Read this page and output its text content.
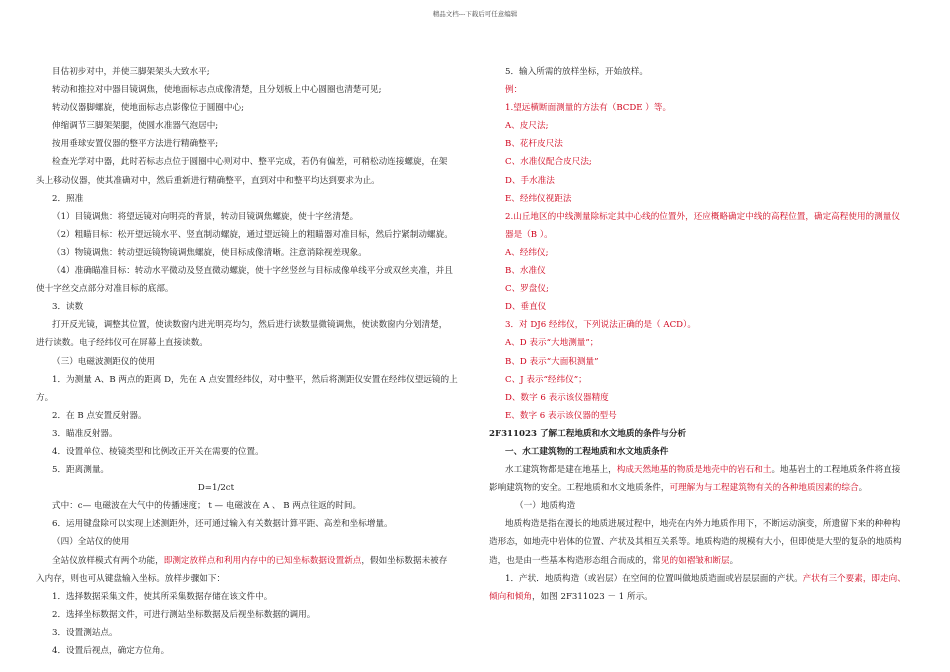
精品文档---下载后可任意编辑

目估初步对中，并使三脚架架头大致水平;

转动和推拉对中器目镜调焦，使地面标志点成像清楚，且分划板上中心圆圈也清楚可见;

转动仪器脚螺旋，使地面标志点影像位于圆圈中心;

伸缩调节三脚架架腿，使圆水准器气泡居中;

按用垂球安置仪器的整平方法进行精确整平;

检查光学对中器，此时若标志点位于圆圈中心则对中、整平完成，若仍有偏差，可稍松动连接螺旋，在架

头上移动仪器，使其准确对中，然后重新进行精确整平，直到对中和整平均达到要求为止。

2．照准

（1）目镜调焦：将望远镜对向明亮的背景，转动目镜调焦螺旋，使十字丝清楚。

（2）粗瞄目标：松开望远镜水平、竖直制动螺旋，通过望远镜上的粗瞄器对准目标，然后拧紧制动螺旋。

（3）物镜调焦：转动望远镜物镜调焦螺旋，使目标成像清晰。注意消除视差现象。

（4）准确瞄准目标：转动水平微动及竖直微动螺旋，使十字丝竖丝与目标成像单线平分或双丝夹准，并且

使十字丝交点部分对准目标的底部。

3．读数

打开反光镜，调整其位置，使读数窗内进光明亮均匀，然后进行读数显微镜调焦，使读数窗内分划清楚，

进行读数。电子经纬仪可在屏幕上直接读数。

（三）电磁波测距仪的使用

1．为测量 A、B 两点的距离 D，先在 A 点安置经纬仪，对中整平，然后将测距仪安置在经纬仪望远镜的上

方。

2．在 B 点安置反射器。

3．瞄准反射器。

4．设置单位、棱镜类型和比例改正开关在需要的位置。

5．距离测量。

D=1/2ct

式中：c— 电磁波在大气中的传播速度； t — 电磁波在 A 、 B 两点往返的时间。

6．运用键盘除可以实现上述测距外，还可通过输入有关数据计算平距、高差和坐标增量。

（四）全站仪的使用

全站仪放样模式有两个功能，即测定放样点和利用内存中的已知坐标数据设置新点，假如坐标数据未被存

入内存，则也可从键盘输入坐标。放样步骤如下：

1．选择数据采集文件，使其所采集数据存储在该文件中。

2．选择坐标数据文件，可进行测站坐标数据及后视坐标数据的调用。

3．设置测站点。

4．设置后视点，确定方位角。

5．输入所需的放样坐标，开始放样。

例：

1.望远横断面测量的方法有（BCDE ）等。

A、皮尺法;

B、花杆皮尺法

C、水准仪配合皮尺法;

D、手水准法

E、经纬仪视距法

2.山丘地区的中线测量除标定其中心线的位置外，还应概略确定中线的高程位置，确定高程使用的测量仪

器是（B ）。

A、经纬仪;

B、水准仪

C、罗盘仪;

D、垂直仪

3．对 DJ6 经纬仪，下列说法正确的是（ ACD）。

A、D 表示“大地测量”；

B、D 表示“大面积测量”

C、J 表示“经纬仪”；

D、数字 6 表示该仪器精度

E、数字 6 表示该仪器的型号

2F311023 了解工程地质和水文地质的条件与分析

一、水工建筑物的工程地质和水文地质条件

水工建筑物都是建在地基上，构成天然地基的物质是地壳中的岩石和土。地基岩土的工程地质条件将直接

影响建筑物的安全。工程地质和水文地质条件，可理解为与工程建筑物有关的各种地质因素的综合。

（一）地质构造

地质构造是指在漫长的地质进展过程中，地壳在内外力地质作用下，不断运动演变，所遗留下来的种种构

造形态，如地壳中岩体的位置、产状及其相互关系等。地质构造的规模有大小，但即使是大型的复杂的地质构

造，也是由一些基本构造形态组合而成的，常见的如褶皱和断层。

1．产状．地质构造（或岩层）在空间的位置叫做地质造面或岩层层面的产状。产状有三个要素，即走向、

倾向和倾角，如图 2F311023 － 1 所示。
